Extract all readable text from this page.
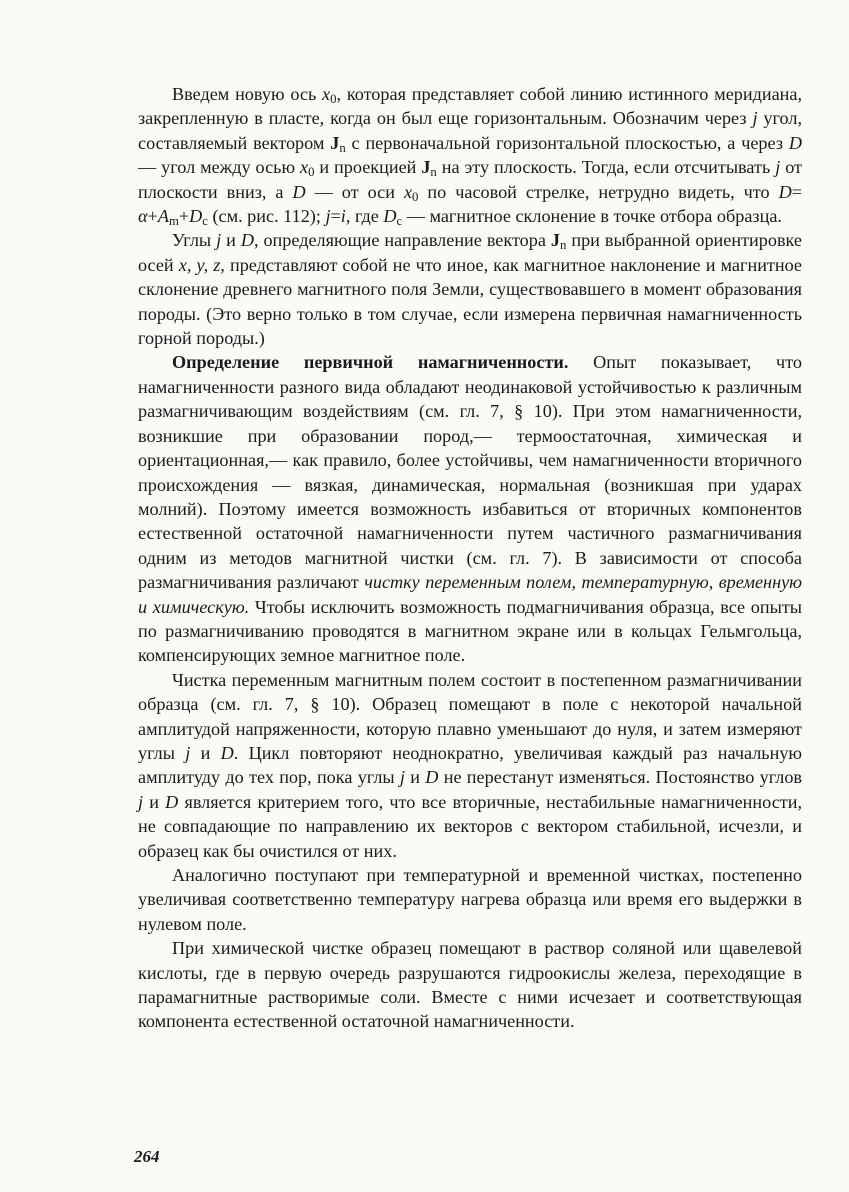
Введем новую ось $x_0$, которая представляет собой линию истинного меридиана, закрепленную в пласте, когда он был еще горизонтальным. Обозначим через j угол, составляемый вектором $J_n$ с первоначальной горизонтальной плоскостью, а через D — угол между осью $x_0$ и проекцией $J_n$ на эту плоскость. Тогда, если отсчитывать j от плоскости вниз, а D — от оси $x_0$ по часовой стрелке, нетрудно видеть, что $D= \alpha+A_m+D_c$ (см. рис. 112); j=i, где $D_c$ — магнитное склонение в точке отбора образца.

Углы j и D, определяющие направление вектора $J_n$ при выбранной ориентировке осей x, y, z, представляют собой не что иное, как магнитное наклонение и магнитное склонение древнего магнитного поля Земли, существовавшего в момент образования породы. (Это верно только в том случае, если измерена первичная намагниченность горной породы.)

Определение первичной намагниченности. Опыт показывает, что намагниченности разного вида обладают неодинаковой устойчивостью к различным размагничивающим воздействиям (см. гл. 7, § 10). При этом намагниченности, возникшие при образовании пород,— термоостаточная, химическая и ориентационная,— как правило, более устойчивы, чем намагниченности вторичного происхождения — вязкая, динамическая, нормальная (возникшая при ударах молний). Поэтому имеется возможность избавиться от вторичных компонентов естественной остаточной намагниченности путем частичного размагничивания одним из методов магнитной чистки (см. гл. 7). В зависимости от способа размагничивания различают чистку переменным полем, температурную, временную и химическую. Чтобы исключить возможность подмагничивания образца, все опыты по размагничиванию проводятся в магнитном экране или в кольцах Гельмгольца, компенсирующих земное магнитное поле.

Чистка переменным магнитным полем состоит в постепенном размагничивании образца (см. гл. 7, § 10). Образец помещают в поле с некоторой начальной амплитудой напряженности, которую плавно уменьшают до нуля, и затем измеряют углы j и D. Цикл повторяют неоднократно, увеличивая каждый раз начальную амплитуду до тех пор, пока углы j и D не перестанут изменяться. Постоянство углов j и D является критерием того, что все вторичные, нестабильные намагниченности, не совпадающие по направлению их векторов с вектором стабильной, исчезли, и образец как бы очистился от них.

Аналогично поступают при температурной и временной чистках, постепенно увеличивая соответственно температуру нагрева образца или время его выдержки в нулевом поле.

При химической чистке образец помещают в раствор соляной или щавелевой кислоты, где в первую очередь разрушаются гидроокислы железа, переходящие в парамагнитные растворимые соли. Вместе с ними исчезает и соответствующая компонента естественной остаточной намагниченности.

264
